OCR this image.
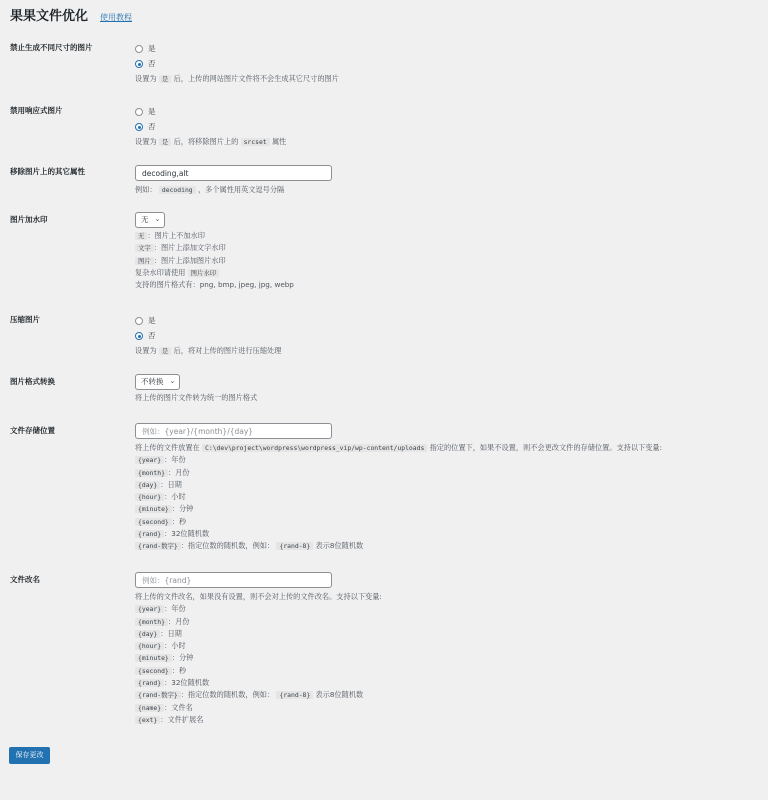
果果文件优化 使用教程
禁止生成不同尺寸的图片	是
否
设置为 是 后，上传的网站图片文件将不会生成其它尺寸的图片
禁用响应式图片	是
否
设置为 是 后，将移除图片上的 srcset 属性
移除图片上的其它属性	decoding,alt
例如： decoding ，多个属性用英文逗号分隔
图片加水印	无 ⌄
无 ：图片上不加水印
文字 ：图片上添加文字水印
图片 ：图片上添加图片水印
复杂水印请使用 图片水印
支持的图片格式有：png, bmp, jpeg, jpg, webp
压缩图片	是
否
设置为 是 后，将对上传的图片进行压缩处理
图片格式转换	不转换 ⌄
将上传的图片文件转为统一的图片格式
文件存储位置	例如：{year}/{month}/{day}
将上传的文件放置在 C:\dev\project\wordpress\wordpress_vip/wp-content/uploads 指定的位置下，如果不设置，则不会更改文件的存储位置。支持以下变量:
{year} ：年份
{month} ：月份
{day} ：日期
{hour} ：小时
{minute} ：分钟
{second} ：秒
{rand} ：32位随机数
{rand-数字} ：指定位数的随机数，例如： {rand-8} 表示8位随机数
文件改名	例如：{rand}
将上传的文件改名，如果没有设置，则不会对上传的文件改名。支持以下变量:
{year} ：年份
{month} ：月份
{day} ：日期
{hour} ：小时
{minute} ：分钟
{second} ：秒
{rand} ：32位随机数
{rand-数字} ：指定位数的随机数，例如： {rand-8} 表示8位随机数
{name} ：文件名
{ext} ：文件扩展名
保存更改
